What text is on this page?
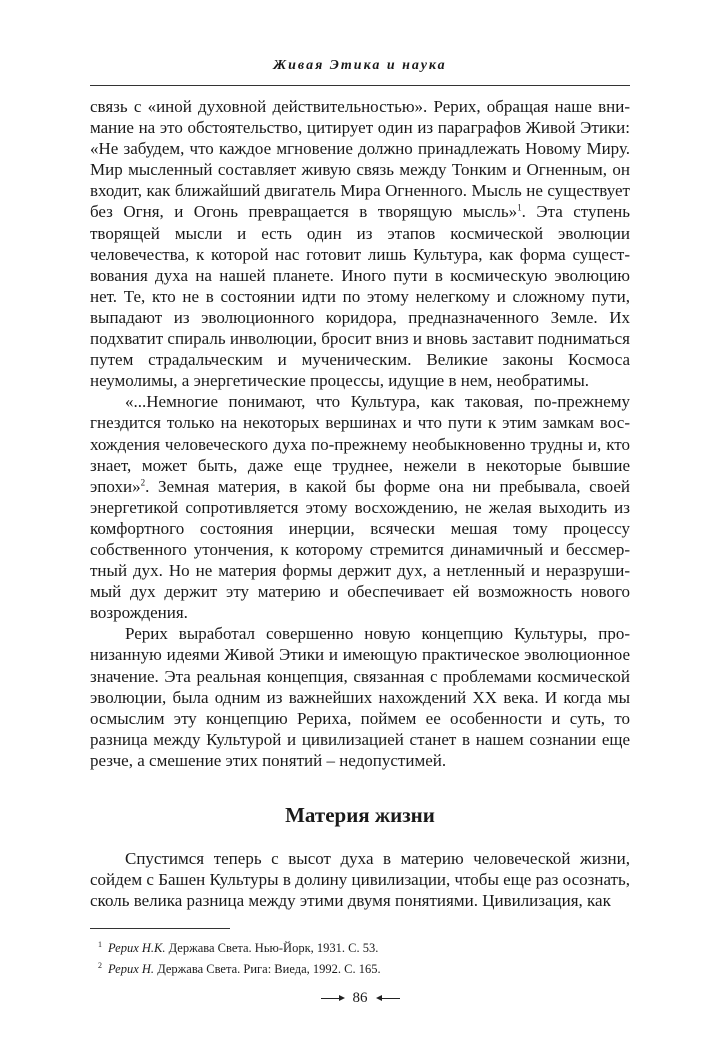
Живая Этика и наука

связь с «иной духовной действительностью». Рерих, обращая наше внимание на это обстоятельство, цитирует один из параграфов Живой Этики: «Не забудем, что каждое мгновение должно принадлежать Новому Миру. Мир мысленный составляет живую связь между Тонким и Огненным, он входит, как ближайший двигатель Мира Огненного. Мысль не существует без Огня, и Огонь превращается в творящую мысль»$^1$. Эта ступень творящей мысли и есть один из этапов космической эволюции человечества, к которой нас готовит лишь Культура, как форма существования духа на нашей планете. Иного пути в космическую эволюцию нет. Те, кто не в состоянии идти по этому нелегкому и сложному пути, выпадают из эволюционного коридора, предназначенного Земле. Их подхватит спираль инволюции, бросит вниз и вновь заставит подниматься путем страдальческим и мученическим. Великие законы Космоса неумолимы, а энергетические процессы, идущие в нем, необратимы.

«...Немногие понимают, что Культура, как таковая, по-прежнему гнездится только на некоторых вершинах и что пути к этим замкам восхождения человеческого духа по-прежнему необыкновенно трудны и, кто знает, может быть, даже еще труднее, нежели в некоторые бывшие эпохи»$^2$. Земная материя, в какой бы форме она ни пребывала, своей энергетикой сопротивляется этому восхождению, не желая выходить из комфортного состояния инерции, всячески мешая тому процессу собственного утончения, к которому стремится динамичный и бессмертный дух. Но не материя формы держит дух, а нетленный и неразрушимый дух держит эту материю и обеспечивает ей возможность нового возрождения.

Рерих выработал совершенно новую концепцию Культуры, пронизанную идеями Живой Этики и имеющую практическое эволюционное значение. Эта реальная концепция, связанная с проблемами космической эволюции, была одним из важнейших нахождений XX века. И когда мы осмыслим эту концепцию Рериха, поймем ее особенности и суть, то разница между Культурой и цивилизацией станет в нашем сознании еще резче, а смешение этих понятий – недопустимей.

Материя жизни

Спустимся теперь с высот духа в материю человеческой жизни, сойдем с Башен Культуры в долину цивилизации, чтобы еще раз осознать, сколь велика разница между этими двумя понятиями. Цивилизация, как

$^1$ Рерих Н.К. Держава Света. Нью-Йорк, 1931. С. 53.
$^2$ Рерих Н. Держава Света. Рига: Виеда, 1992. С. 165.
86
